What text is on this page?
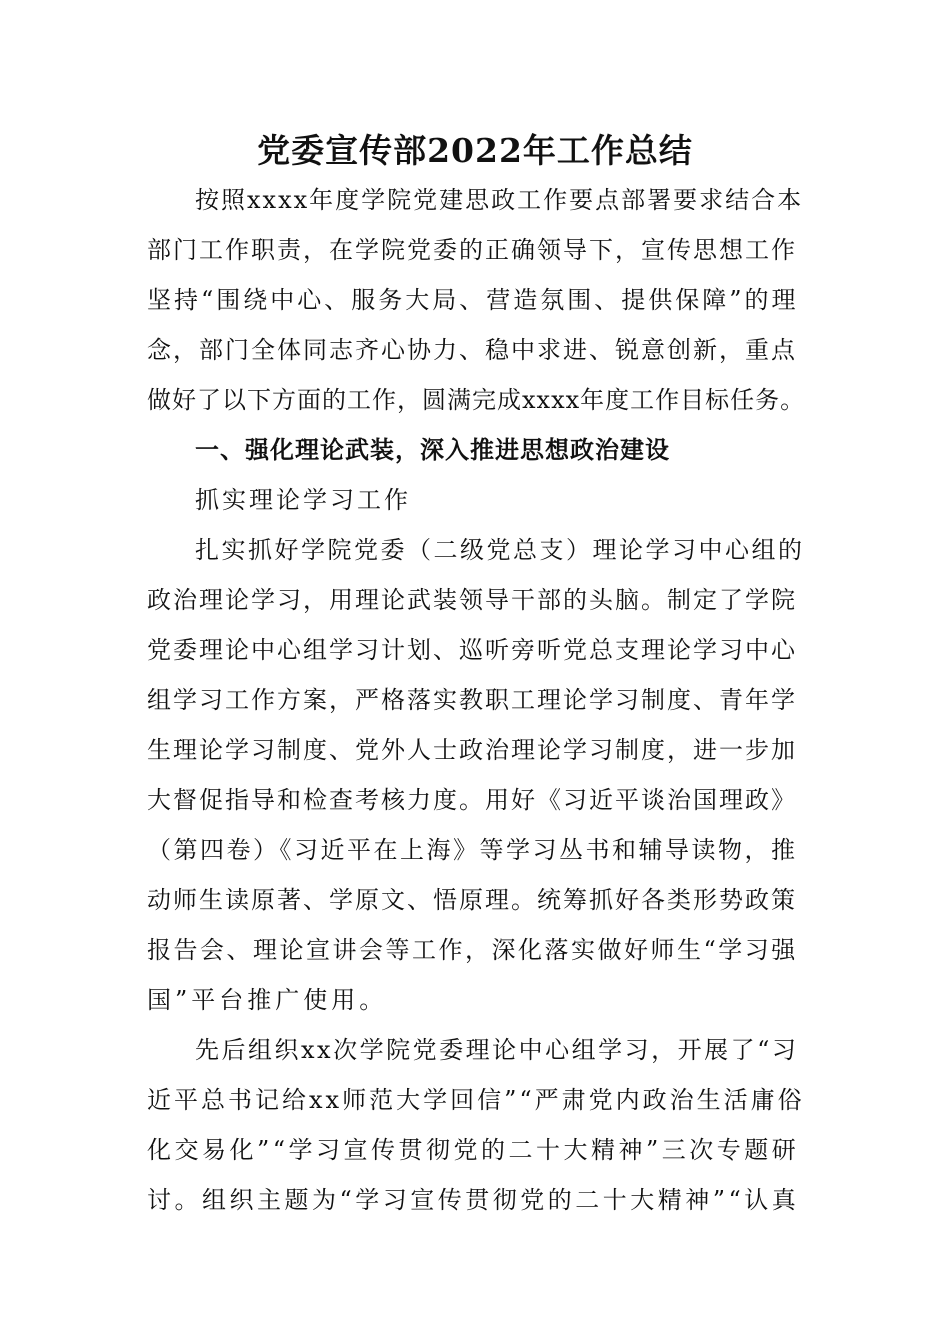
党委宣传部2022年工作总结
按照xxxx年度学院党建思政工作要点部署要求结合本
部门工作职责，在学院党委的正确领导下，宣传思想工作
坚持“围绕中心、服务大局、营造氛围、提供保障”的理
念，部门全体同志齐心协力、稳中求进、锐意创新，重点
做好了以下方面的工作，圆满完成xxxx年度工作目标任务。
一、强化理论武装，深入推进思想政治建设
抓实理论学习工作
扎实抓好学院党委（二级党总支）理论学习中心组的
政治理论学习，用理论武装领导干部的头脑。制定了学院
党委理论中心组学习计划、巡听旁听党总支理论学习中心
组学习工作方案，严格落实教职工理论学习制度、青年学
生理论学习制度、党外人士政治理论学习制度，进一步加
大督促指导和检查考核力度。用好《习近平谈治国理政》
（第四卷）《习近平在上海》等学习丛书和辅导读物，推
动师生读原著、学原文、悟原理。统筹抓好各类形势政策
报告会、理论宣讲会等工作，深化落实做好师生“学习强
国”平台推广使用。
先后组织xx次学院党委理论中心组学习，开展了“习
近平总书记给xx师范大学回信”“严肃党内政治生活庸俗
化交易化”“学习宣传贯彻党的二十大精神”三次专题研
讨。组织主题为“学习宣传贯彻党的二十大精神”“认真
